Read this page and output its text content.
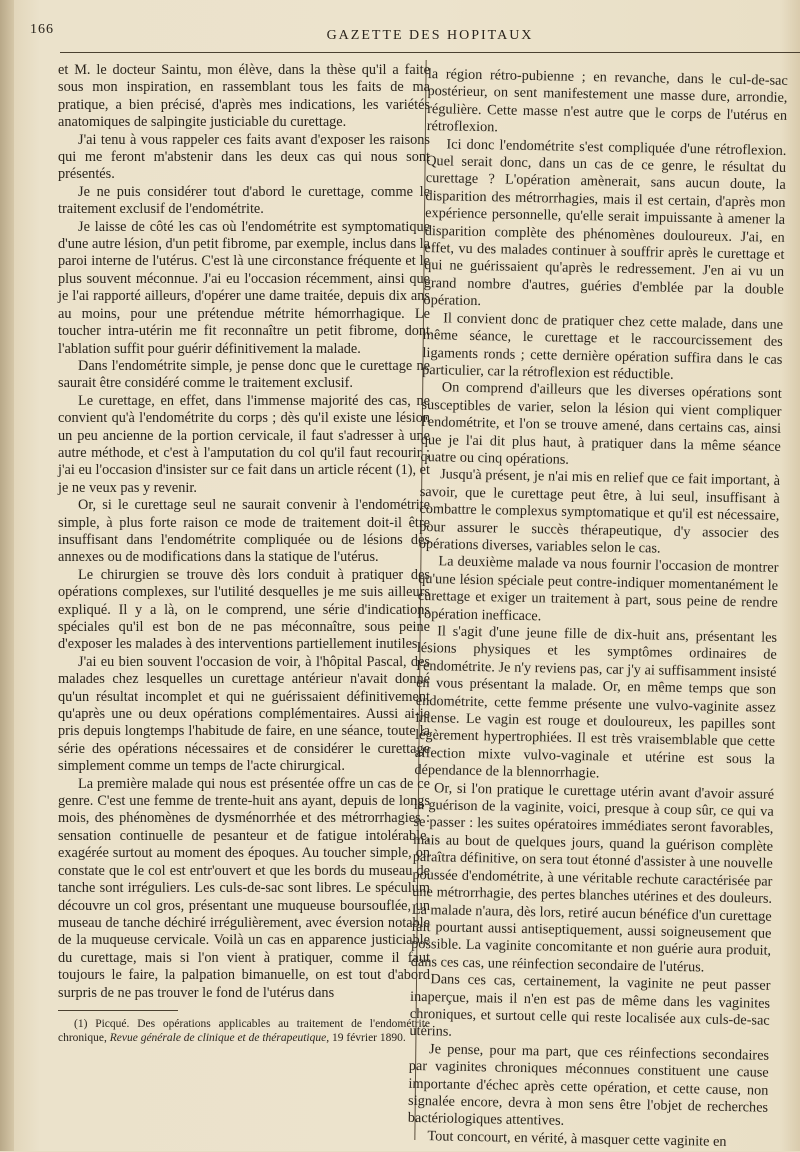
GAZETTE DES HOPITAUX
166

et M. le docteur Saintu, mon élève, dans la thèse qu'il a faite sous mon inspiration, en rassemblant tous les faits de ma pratique, a bien précisé, d'après mes indications, les variétés anatomiques de salpingite justiciable du curettage.

J'ai tenu à vous rappeler ces faits avant d'exposer les raisons qui me feront m'abstenir dans les deux cas qui nous sont présentés.

Je ne puis considérer tout d'abord le curettage, comme le traitement exclusif de l'endométrite.

Je laisse de côté les cas où l'endométrite est symptomatique d'une autre lésion, d'un petit fibrome, par exemple, inclus dans la paroi interne de l'utérus. C'est là une circonstance fréquente et le plus souvent méconnue. J'ai eu l'occasion récemment, ainsi que je l'ai rapporté ailleurs, d'opérer une dame traitée, depuis dix ans au moins, pour une prétendue métrite hémorrhagique. Le toucher intra-utérin me fit reconnaître un petit fibrome, dont l'ablation suffit pour guérir définitivement la malade.

Dans l'endométrite simple, je pense donc que le curettage ne saurait être considéré comme le traitement exclusif.

Le curettage, en effet, dans l'immense majorité des cas, ne convient qu'à l'endométrite du corps ; dès qu'il existe une lésion un peu ancienne de la portion cervicale, il faut s'adresser à une autre méthode, et c'est à l'amputation du col qu'il faut recourir ; j'ai eu l'occasion d'insister sur ce fait dans un article récent (1), et je ne veux pas y revenir.

Or, si le curettage seul ne saurait convenir à l'endométrite simple, à plus forte raison ce mode de traitement doit-il être insuffisant dans l'endométrite compliquée ou de lésions des annexes ou de modifications dans la statique de l'utérus.

Le chirurgien se trouve dès lors conduit à pratiquer des opérations complexes, sur l'utilité desquelles je me suis ailleurs expliqué. Il y a là, on le comprend, une série d'indications spéciales qu'il est bon de ne pas méconnaître, sous peine d'exposer les malades à des interventions partiellement inutiles.

J'ai eu bien souvent l'occasion de voir, à l'hôpital Pascal, des malades chez lesquelles un curettage antérieur n'avait donné qu'un résultat incomplet et qui ne guérissaient définitivement qu'après une ou deux opérations complémentaires. Aussi ai-je pris depuis longtemps l'habitude de faire, en une séance, toute la série des opérations nécessaires et de considérer le curettage simplement comme un temps de l'acte chirurgical.

La première malade qui nous est présentée offre un cas de ce genre. C'est une femme de trente-huit ans ayant, depuis de longs mois, des phénomènes de dysménorrhée et des métrorrhagies : sensation continuelle de pesanteur et de fatigue intolérable, exagérée surtout au moment des époques. Au toucher simple, on constate que le col est entr'ouvert et que les bords du museau de tanche sont irréguliers. Les culs-de-sac sont libres. Le spéculum découvre un col gros, présentant une muqueuse boursouflée, un museau de tanche déchiré irrégulièrement, avec éversion notable de la muqueuse cervicale. Voilà un cas en apparence justiciable du curettage, mais si l'on vient à pratiquer, comme il faut toujours le faire, la palpation bimanuelle, on est tout d'abord surpris de ne pas trouver le fond de l'utérus dans

(1) Picqué. Des opérations applicables au traitement de l'endométrite chronique, Revue générale de clinique et de thérapeutique, 19 février 1890.

la région rétro-pubienne ; en revanche, dans le cul-de-sac postérieur, on sent manifestement une masse dure, arrondie, régulière. Cette masse n'est autre que le corps de l'utérus en rétroflexion.

Ici donc l'endométrite s'est compliquée d'une rétroflexion. Quel serait donc, dans un cas de ce genre, le résultat du curettage ? L'opération amènerait, sans aucun doute, la disparition des métrorrhagies, mais il est certain, d'après mon expérience personnelle, qu'elle serait impuissante à amener la disparition complète des phénomènes douloureux. J'ai, en effet, vu des malades continuer à souffrir après le curettage et qui ne guérissaient qu'après le redressement. J'en ai vu un grand nombre d'autres, guéries d'emblée par la double opération.

Il convient donc de pratiquer chez cette malade, dans une même séance, le curettage et le raccourcissement des ligaments ronds ; cette dernière opération suffira dans le cas particulier, car la rétroflexion est réductible.

On comprend d'ailleurs que les diverses opérations sont susceptibles de varier, selon la lésion qui vient compliquer l'endométrite, et l'on se trouve amené, dans certains cas, ainsi que je l'ai dit plus haut, à pratiquer dans la même séance quatre ou cinq opérations.

Jusqu'à présent, je n'ai mis en relief que ce fait important, à savoir, que le curettage peut être, à lui seul, insuffisant à combattre le complexus symptomatique et qu'il est nécessaire, pour assurer le succès thérapeutique, d'y associer des opérations diverses, variables selon le cas.

La deuxième malade va nous fournir l'occasion de montrer qu'une lésion spéciale peut contre-indiquer momentanément le curettage et exiger un traitement à part, sous peine de rendre l'opération inefficace.

Il s'agit d'une jeune fille de dix-huit ans, présentant les lésions physiques et les symptômes ordinaires de l'endométrite. Je n'y reviens pas, car j'y ai suffisamment insisté en vous présentant la malade. Or, en même temps que son endométrite, cette femme présente une vulvo-vaginite assez intense. Le vagin est rouge et douloureux, les papilles sont légèrement hypertrophiées. Il est très vraisemblable que cette affection mixte vulvo-vaginale et utérine est sous la dépendance de la blennorrhagie.

Or, si l'on pratique le curettage utérin avant d'avoir assuré la guérison de la vaginite, voici, presque à coup sûr, ce qui va se passer : les suites opératoires immédiates seront favorables, mais au bout de quelques jours, quand la guérison complète paraîtra définitive, on sera tout étonné d'assister à une nouvelle poussée d'endométrite, à une véritable rechute caractérisée par une métrorrhagie, des pertes blanches utérines et des douleurs. La malade n'aura, dès lors, retiré aucun bénéfice d'un curettage fait pourtant aussi antiseptiquement, aussi soigneusement que possible. La vaginite concomitante et non guérie aura produit, dans ces cas, une réinfection secondaire de l'utérus.

Dans ces cas, certainement, la vaginite ne peut passer inaperçue, mais il n'en est pas de même dans les vaginites chroniques, et surtout celle qui reste localisée aux culs-de-sac utérins.

Je pense, pour ma part, que ces réinfections secondaires par vaginites chroniques méconnues constituent une cause importante d'échec après cette opération, et cette cause, non signalée encore, devra à mon sens être l'objet de recherches bactériologiques attentives.

Tout concourt, en vérité, à masquer cette vaginite en
